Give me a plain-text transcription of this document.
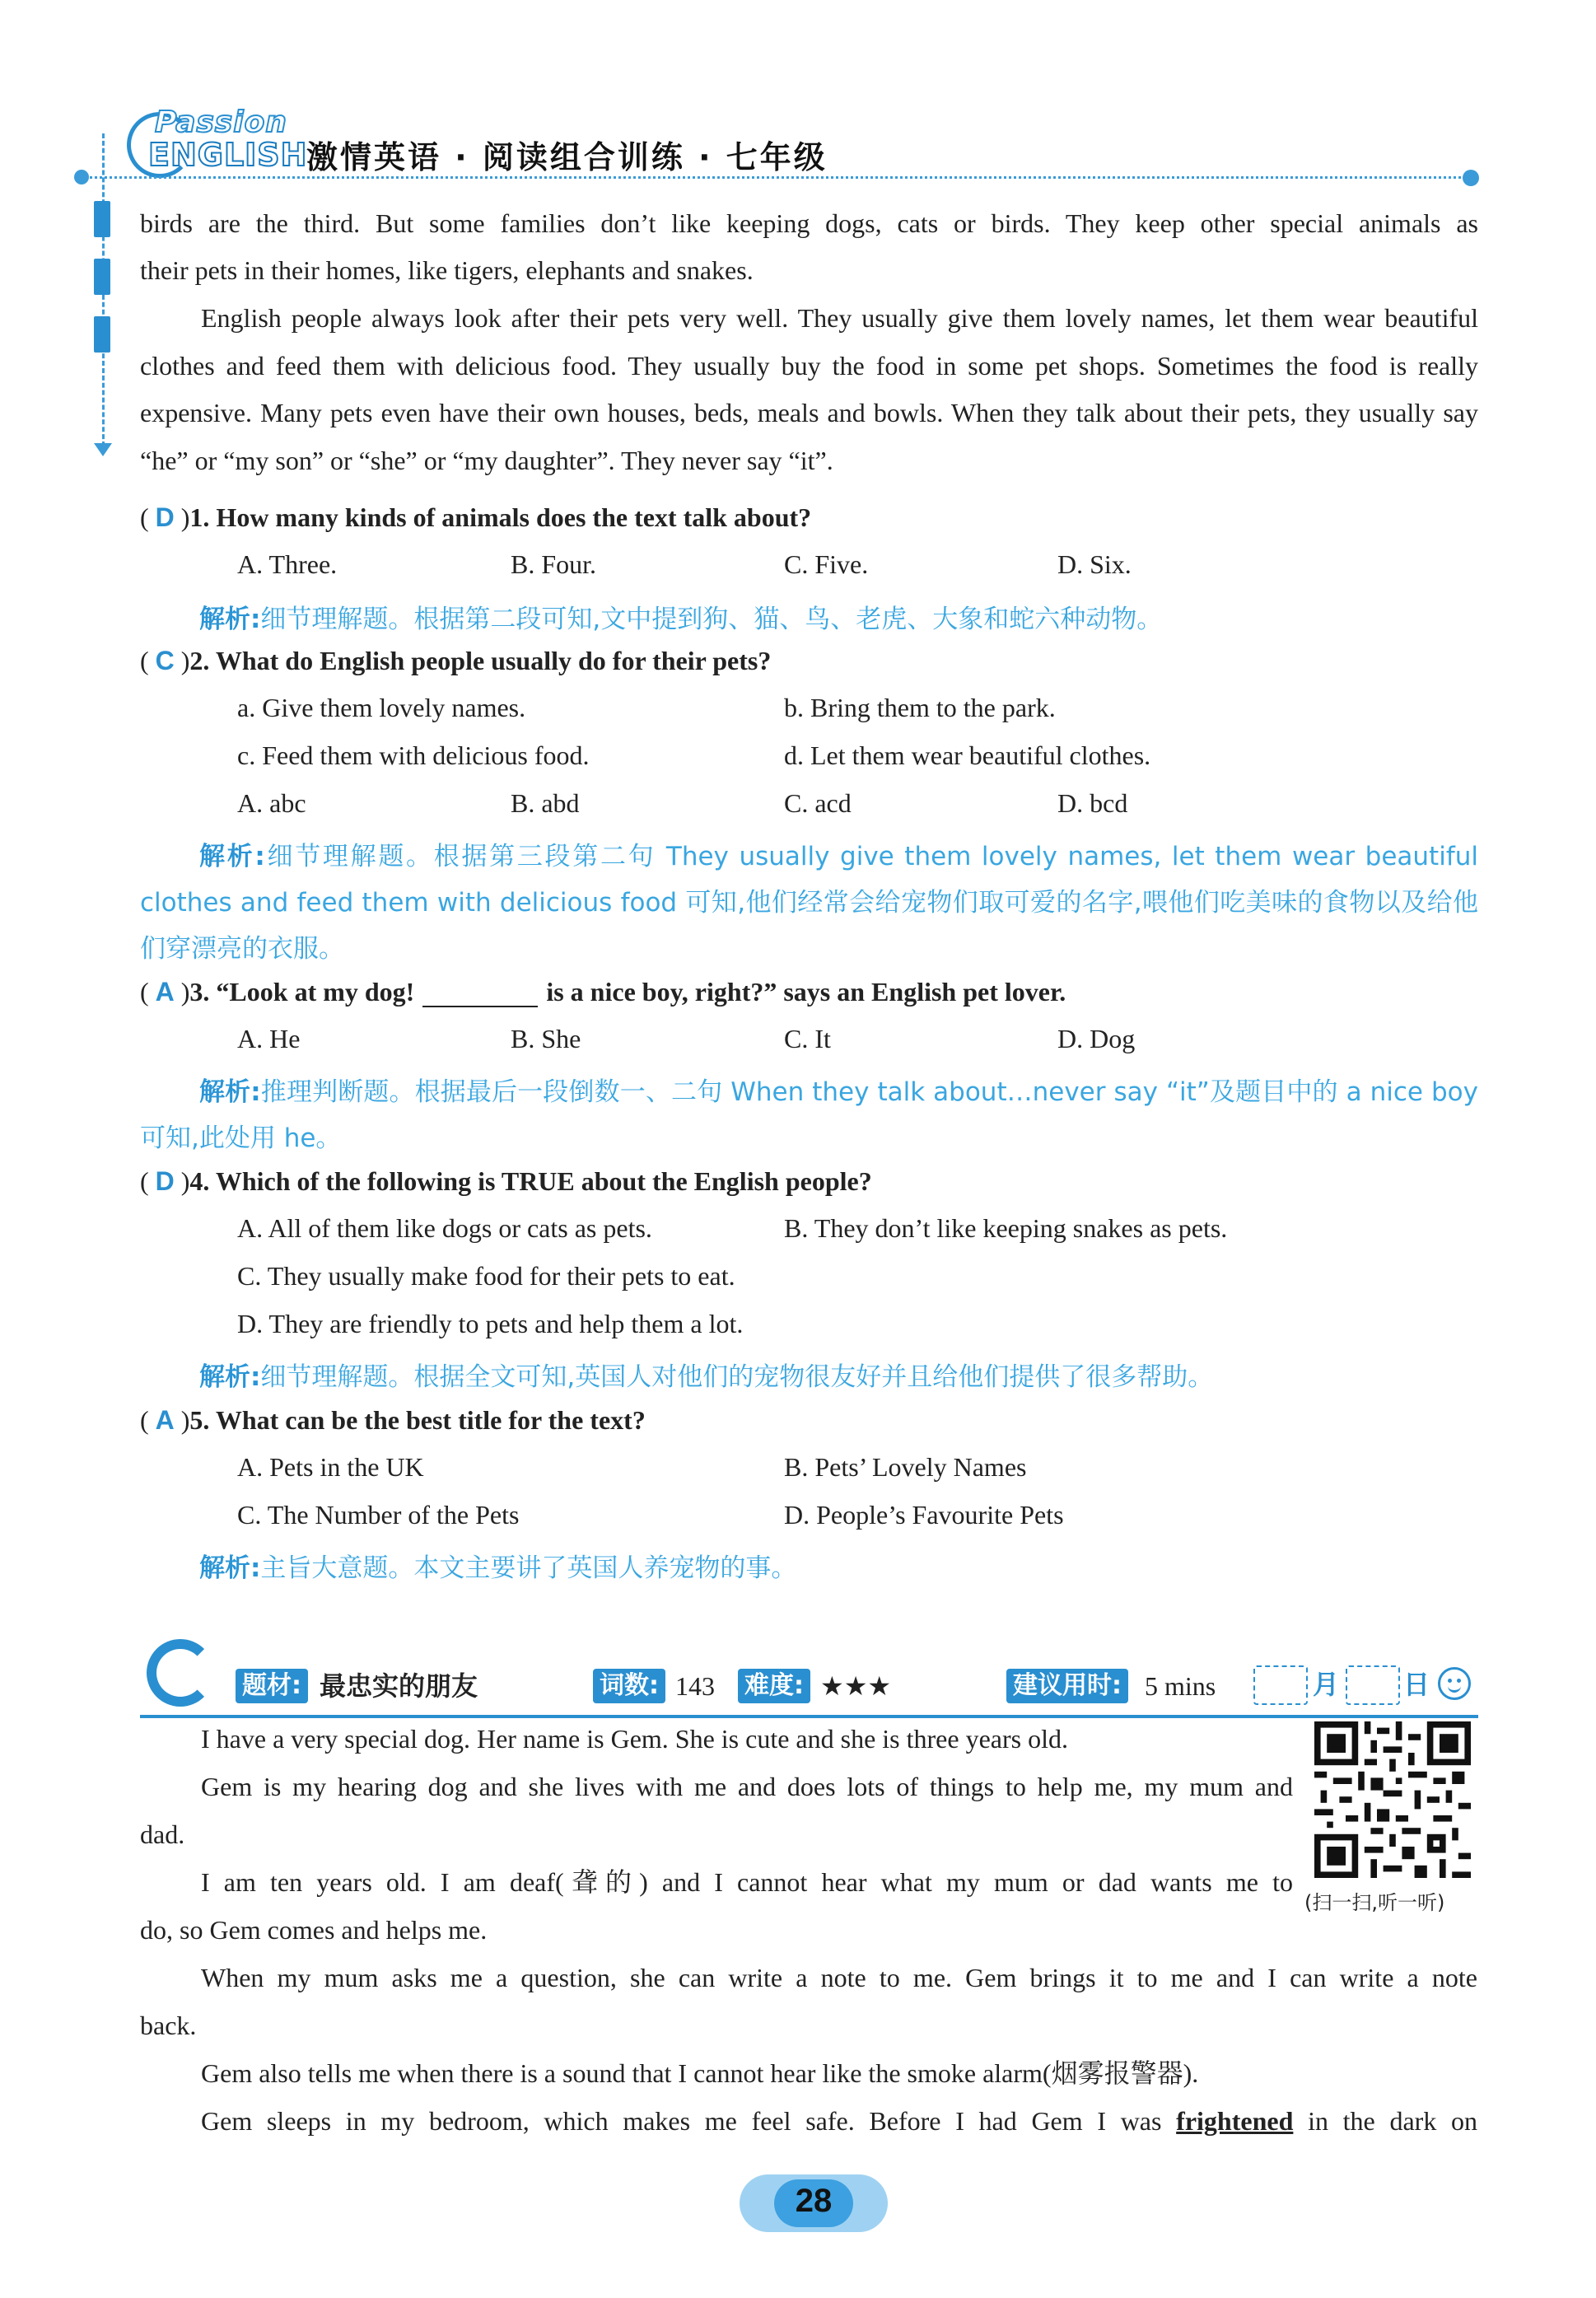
Passion
ENGLISH
激情英语 · 阅读组合训练 · 七年级
birds are the third. But some families don’t like keeping dogs, cats or birds. They keep other special animals as
their pets in their homes, like tigers, elephants and snakes.
English people always look after their pets very well. They usually give them lovely names, let them wear beautiful clothes and feed them with delicious food. They usually buy the food in some pet shops. Sometimes the food is really expensive. Many pets even have their own houses, beds, meals and bowls. When they talk about their pets, they usually say “he” or “my son” or “she” or “my daughter”. They never say “it”.
( D )1. How many kinds of animals does the text talk about?
A. Three.	B. Four.	C. Five.	D. Six.
解析:细节理解题。根据第二段可知,文中提到狗、猫、鸟、老虎、大象和蛇六种动物。
( C )2. What do English people usually do for their pets?
a. Give them lovely names.	b. Bring them to the park.
c. Feed them with delicious food.	d. Let them wear beautiful clothes.
A. abc	B. abd	C. acd	D. bcd
解析:细节理解题。根据第三段第二句 They usually give them lovely names, let them wear beautiful clothes and feed them with delicious food 可知,他们经常会给宠物们取可爱的名字,喂他们吃美味的食物以及给他们穿漂亮的衣服。
( A )3. “Look at my dog!	is a nice boy, right?” says an English pet lover.
A. He	B. She	C. It	D. Dog
解析:推理判断题。根据最后一段倒数一、二句 When they talk about…never say “it”及题目中的 a nice boy 可知,此处用 he。
( D )4. Which of the following is TRUE about the English people?
A. All of them like dogs or cats as pets.	B. They don’t like keeping snakes as pets.
C. They usually make food for their pets to eat.
D. They are friendly to pets and help them a lot.
解析:细节理解题。根据全文可知,英国人对他们的宠物很友好并且给他们提供了很多帮助。
( A )5. What can be the best title for the text?
A. Pets in the UK	B. Pets’ Lovely Names
C. The Number of the Pets	D. People’s Favourite Pets
解析:主旨大意题。本文主要讲了英国人养宠物的事。
题材: 最忠实的朋友	词数: 143 难度: ★★★	建议用时: 5 mins	月 日
(扫一扫,听一听)
I have a very special dog. Her name is Gem. She is cute and she is three years old.
Gem is my hearing dog and she lives with me and does lots of things to help me, my mum and
dad.
I am ten years old. I am deaf(聋的) and I cannot hear what my mum or dad wants me to
do, so Gem comes and helps me.
When my mum asks me a question, she can write a note to me. Gem brings it to me and I can write a note
back.
Gem also tells me when there is a sound that I cannot hear like the smoke alarm(烟雾报警器).
Gem sleeps in my bedroom, which makes me feel safe. Before I had Gem I was frightened in the dark on
28
